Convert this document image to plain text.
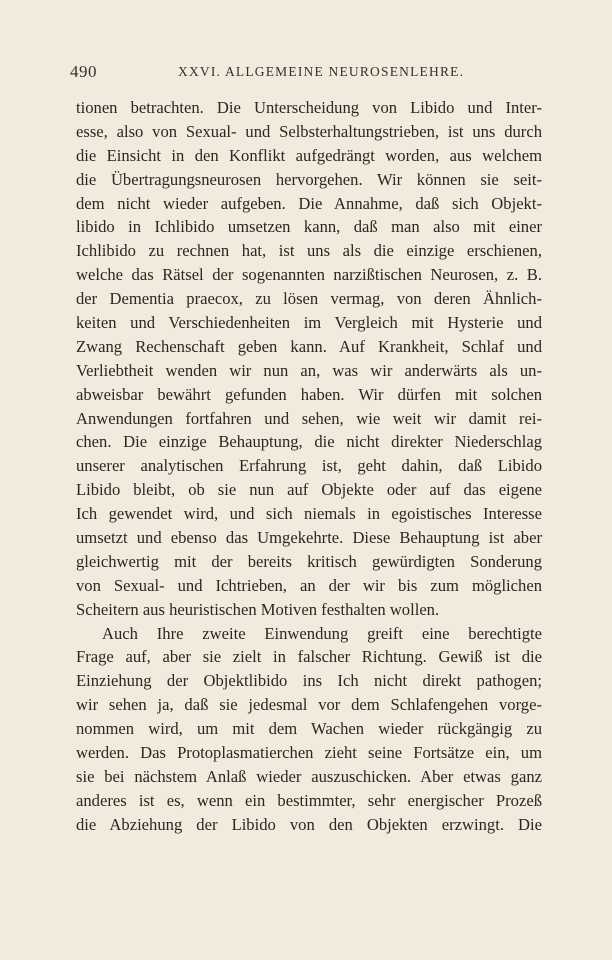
490	XXVI. ALLGEMEINE NEUROSENLEHRE.
tionen betrachten. Die Unterscheidung von Libido und Inter-
esse, also von Sexual- und Selbsterhaltungstrieben, ist uns durch
die Einsicht in den Konflikt aufgedrängt worden, aus welchem
die Übertragungsneurosen hervorgehen. Wir können sie seit-
dem nicht wieder aufgeben. Die Annahme, daß sich Objekt-
libido in Ichlibido umsetzen kann, daß man also mit einer
Ichlibido zu rechnen hat, ist uns als die einzige erschienen,
welche das Rätsel der sogenannten narzißtischen Neurosen, z. B.
der Dementia praecox, zu lösen vermag, von deren Ähnlich-
keiten und Verschiedenheiten im Vergleich mit Hysterie und
Zwang Rechenschaft geben kann. Auf Krankheit, Schlaf und
Verliebtheit wenden wir nun an, was wir anderwärts als un-
abweisbar bewährt gefunden haben. Wir dürfen mit solchen
Anwendungen fortfahren und sehen, wie weit wir damit rei-
chen. Die einzige Behauptung, die nicht direkter Niederschlag
unserer analytischen Erfahrung ist, geht dahin, daß Libido
Libido bleibt, ob sie nun auf Objekte oder auf das eigene
Ich gewendet wird, und sich niemals in egoistisches Interesse
umsetzt und ebenso das Umgekehrte. Diese Behauptung ist aber
gleichwertig mit der bereits kritisch gewürdigten Sonderung
von Sexual- und Ichtrieben, an der wir bis zum möglichen
Scheitern aus heuristischen Motiven festhalten wollen.
Auch Ihre zweite Einwendung greift eine berechtigte
Frage auf, aber sie zielt in falscher Richtung. Gewiß ist die
Einziehung der Objektlibido ins Ich nicht direkt pathogen;
wir sehen ja, daß sie jedesmal vor dem Schlafengehen vorge-
nommen wird, um mit dem Wachen wieder rückgängig zu
werden. Das Protoplasmatierchen zieht seine Fortsätze ein, um
sie bei nächstem Anlaß wieder auszuschicken. Aber etwas ganz
anderes ist es, wenn ein bestimmter, sehr energischer Prozeß
die Abziehung der Libido von den Objekten erzwingt. Die
